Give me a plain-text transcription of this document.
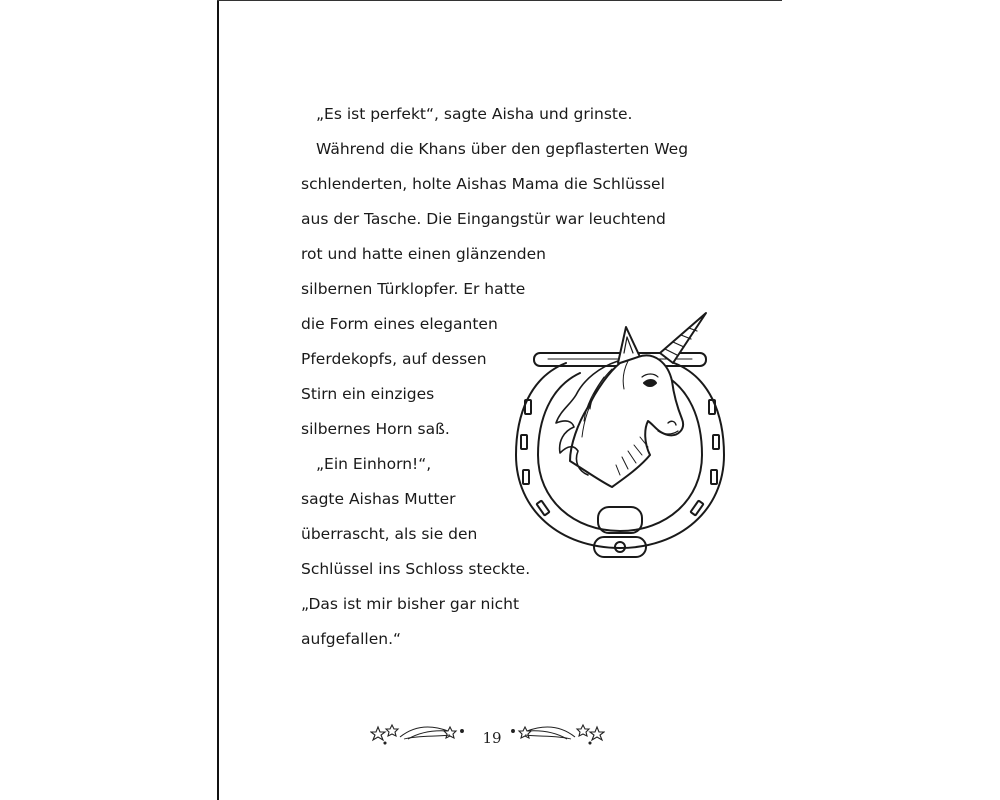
„Es ist perfekt“, sagte Aisha und grinste.

Während die Khans über den gepflasterten Weg

schlenderten, holte Aishas Mama die Schlüssel

aus der Tasche. Die Eingangstür war leuchtend

rot und hatte einen glänzenden

silbernen Türklopfer. Er hatte

die Form eines eleganten

Pferdekopfs, auf dessen

Stirn ein einziges

silbernes Horn saß.

„Ein Einhorn!“,

sagte Aishas Mutter

überrascht, als sie den

Schlüssel ins Schloss steckte.

„Das ist mir bisher gar nicht

aufgefallen.“

19
